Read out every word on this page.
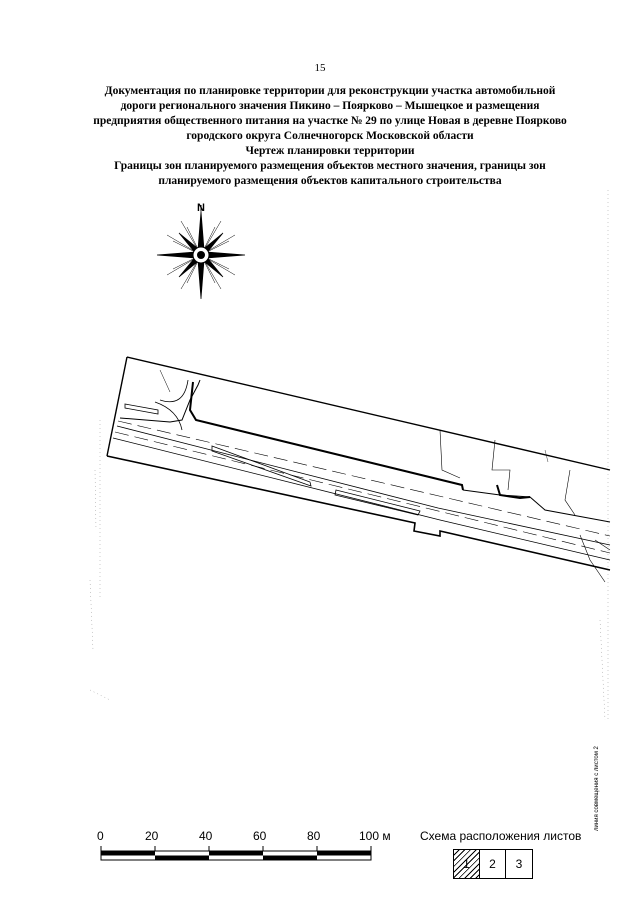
15
Документация по планировке территории для реконструкции участка автомобильной
дороги регионального значения Пикино – Поярково – Мышецкое и размещения
предприятия общественного питания на участке № 29 по улице Новая в деревне Поярково
городского округа Солнечногорск Московской области
Чертеж планировки территории
Границы зон планируемого размещения объектов местного значения, границы зон
планируемого размещения объектов капитального строительства
N
0	20	40	60	80	100 м Схема расположения листов
1	2	3
линия совмещения с листом 2
